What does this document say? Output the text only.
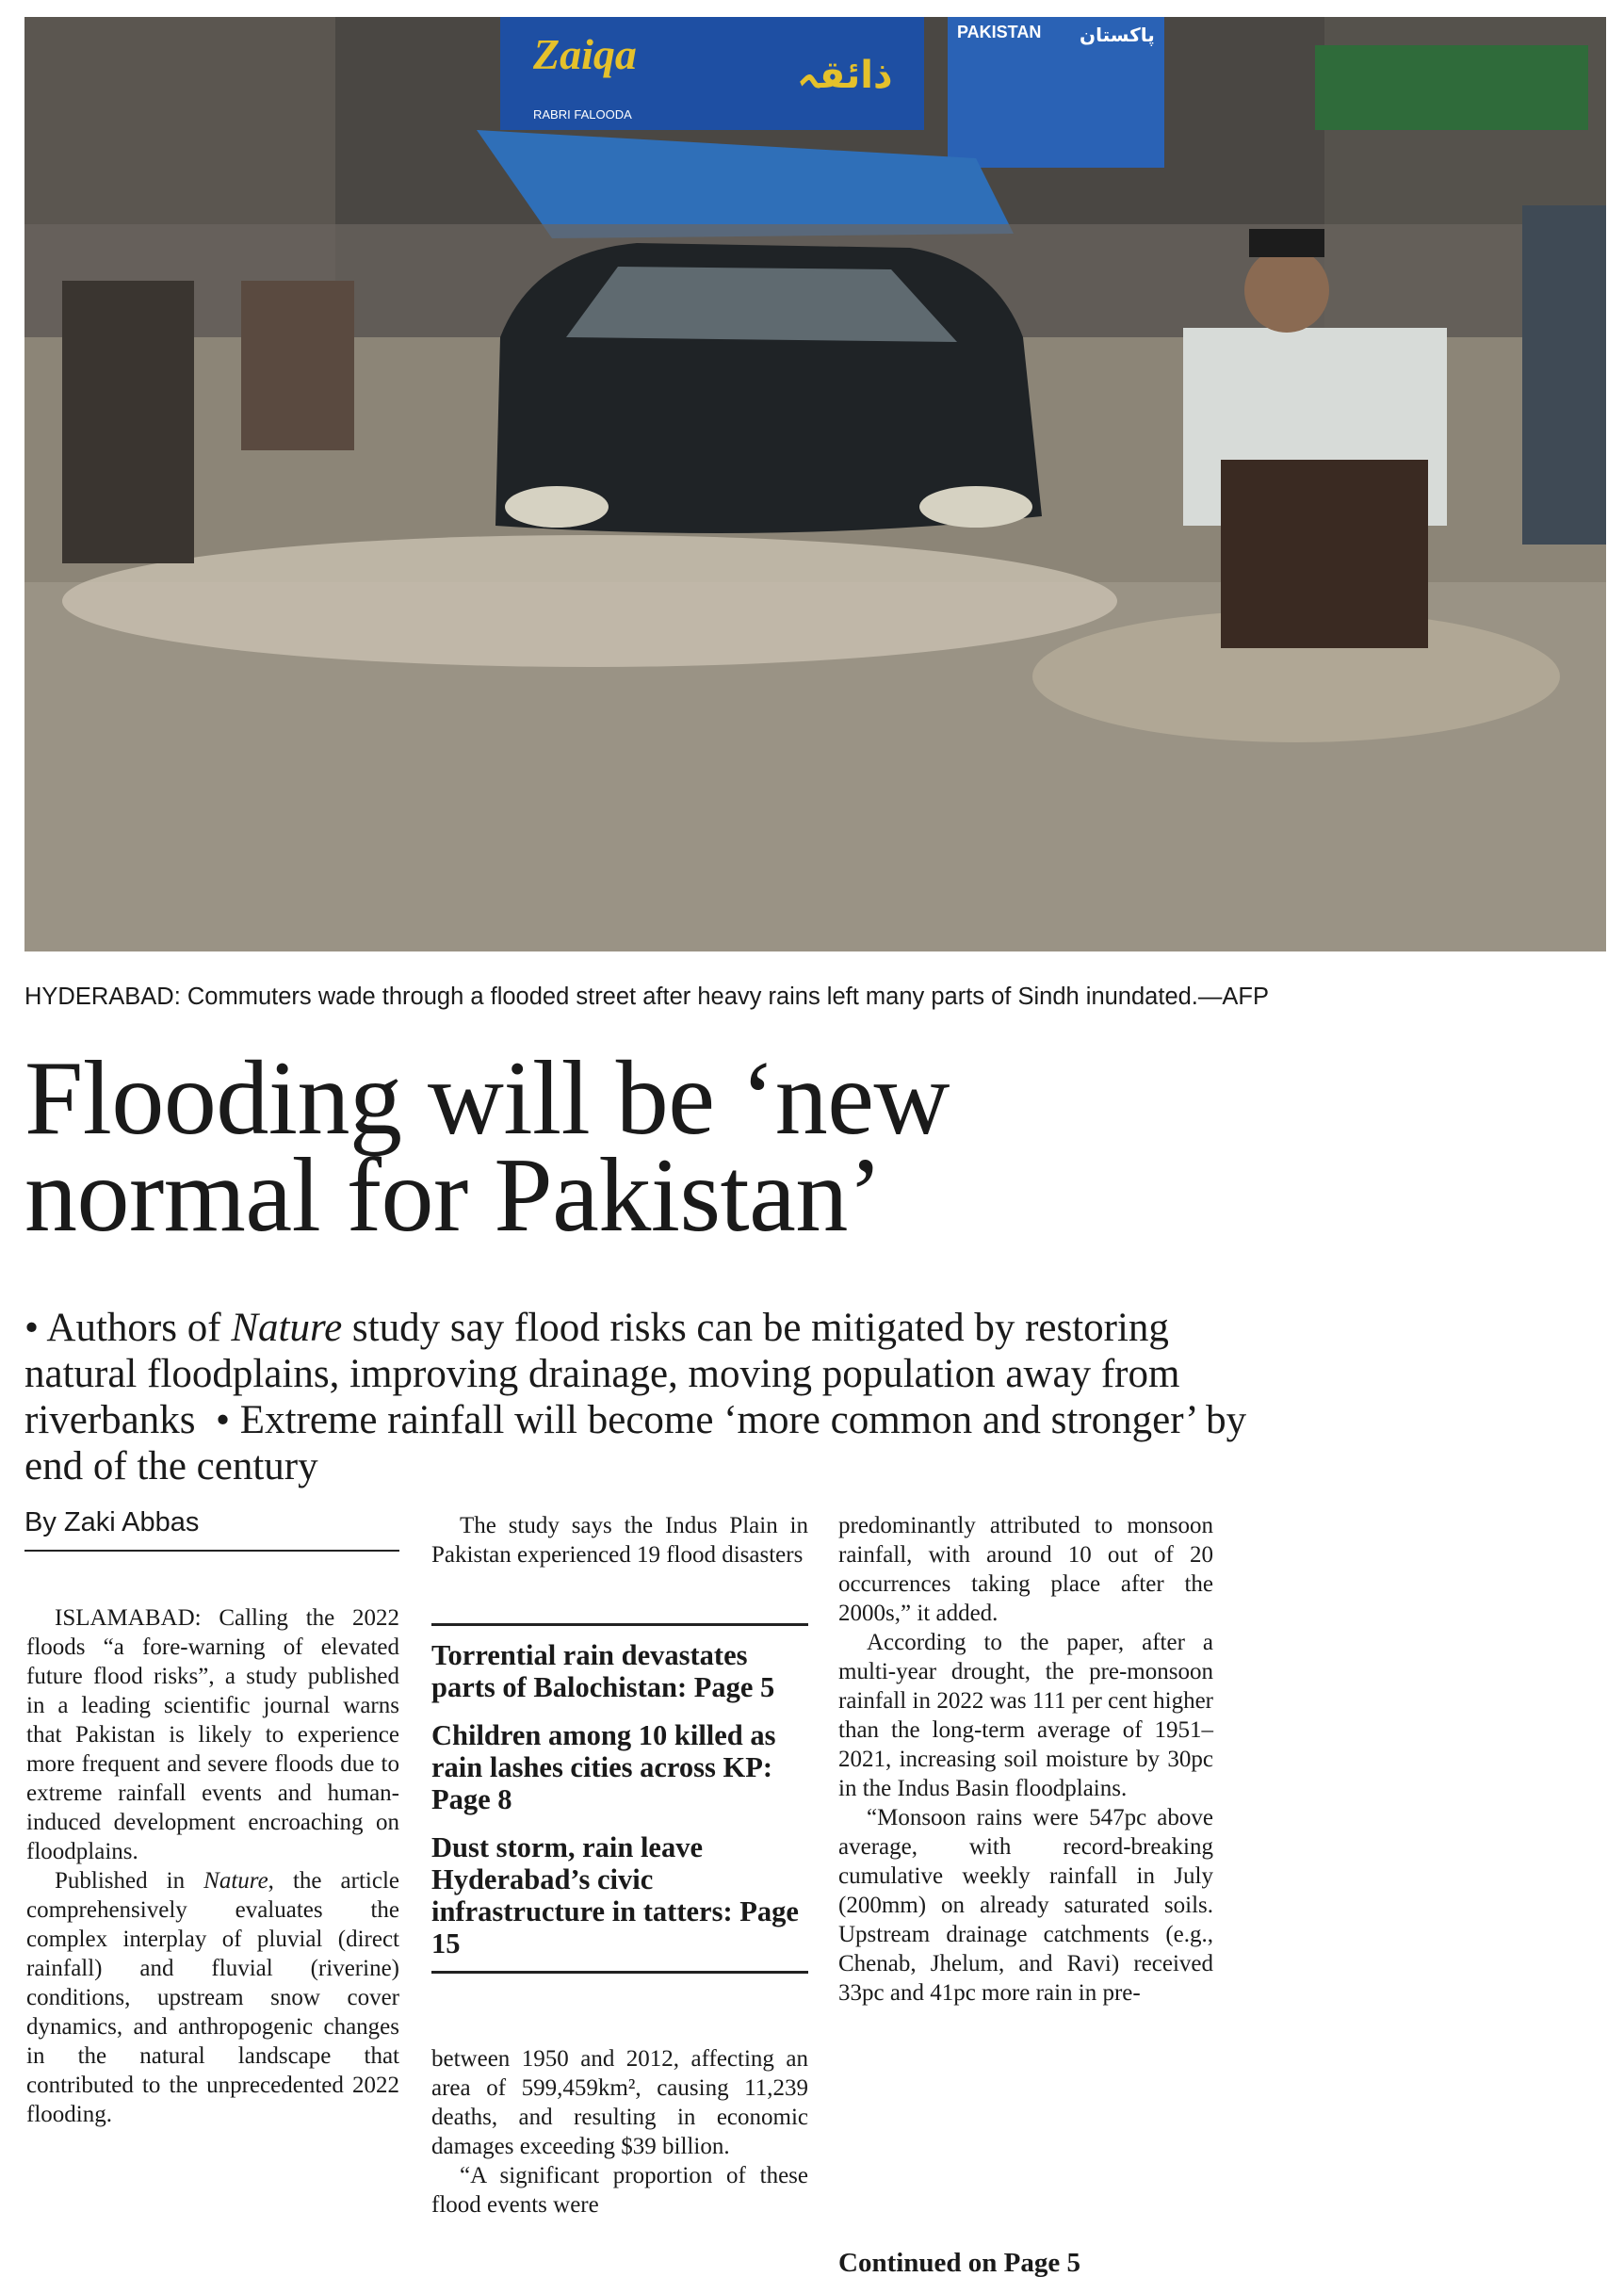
Zaiqa
RABRI FALOODA
ذائقہ
PAKISTAN پاکستان
HYDERABAD: Commuters wade through a flooded street after heavy rains left many parts of Sindh inundated.—AFP
Flooding will be ‘new
normal for Pakistan’

• Authors of Nature study say flood risks can be mitigated by restoring natural floodplains, improving drainage, moving population away from riverbanks • Extreme rainfall will become ‘more common and stronger’ by end of the century

By Zaki Abbas

ISLAMABAD: Calling the 2022 floods “a fore-warning of elevated future flood risks”, a study published in a leading scientific journal warns that Pakistan is likely to experience more frequent and severe floods due to extreme rainfall events and human-induced development encroaching on floodplains.

Published in Nature, the article comprehensively evaluates the complex interplay of pluvial (direct rainfall) and fluvial (riverine) conditions, upstream snow cover dynamics, and anthropogenic changes in the natural landscape that contributed to the unprecedented 2022 flooding.

The study says the Indus Plain in Pakistan experienced 19 flood disasters

Torrential rain devastates parts of Balochistan: Page 5

Children among 10 killed as rain lashes cities across KP: Page 8

Dust storm, rain leave Hyderabad’s civic infrastructure in tatters: Page 15

between 1950 and 2012, affecting an area of 599,459km², causing 11,239 deaths, and resulting in economic damages exceeding $39 billion.

“A significant proportion of these flood events were

predominantly attributed to monsoon rainfall, with around 10 out of 20 occurrences taking place after the 2000s,” it added.

According to the paper, after a multi-year drought, the pre-monsoon rainfall in 2022 was 111 per cent higher than the long-term average of 1951–2021, increasing soil moisture by 30pc in the Indus Basin floodplains.

“Monsoon rains were 547pc above average, with record-breaking cumulative weekly rainfall in July (200mm) on already saturated soils. Upstream drainage catchments (e.g., Chenab, Jhelum, and Ravi) received 33pc and 41pc more rain in pre-

Continued on Page 5
